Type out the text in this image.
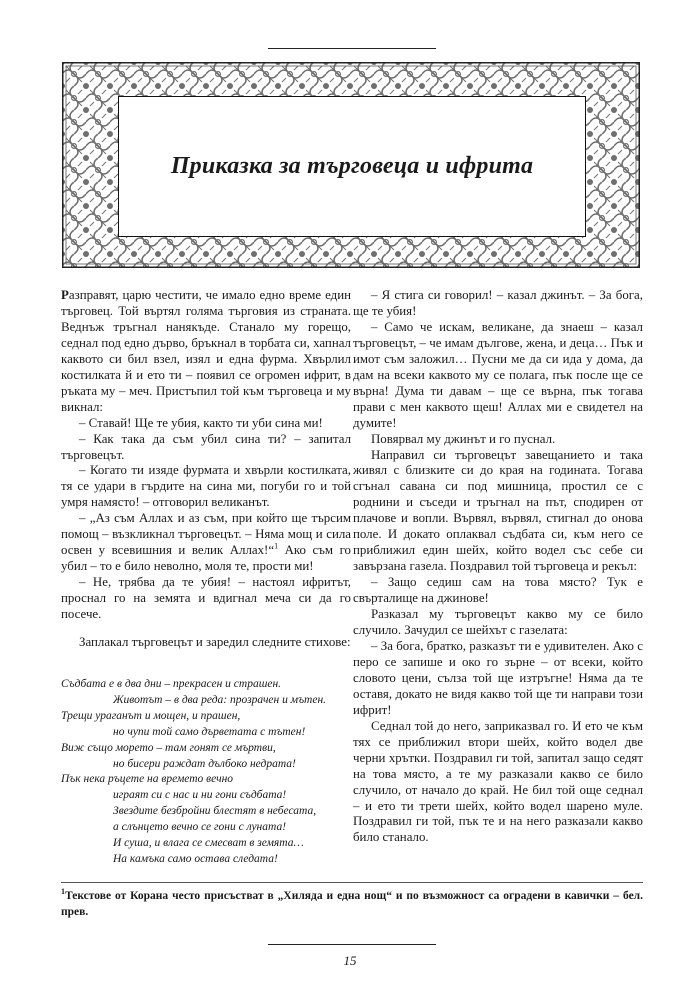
Приказка за търговеца и ифрита

Разправят, царю честити, че имало едно време един търговец. Той въртял голяма търговия из страната. Веднъж тръгнал нанякъде. Станало му горещо, седнал под едно дърво, бръкнал в торбата си, хапнал каквото си бил взел, изял и една фурма. Хвърлил костилката й и ето ти – появил се огромен ифрит, в ръката му – меч. Пристъпил той към търговеца и му викнал:

– Ставай! Ще те убия, както ти уби сина ми!

– Как така да съм убил сина ти? – запитал търговецът.

– Когато ти изяде фурмата и хвърли костилката, тя се удари в гърдите на сина ми, погуби го и той умря намясто! – отговорил великанът.

– „Аз съм Аллах и аз съм, при който ще търсим помощ – възкликнал търговецът. – Няма мощ и сила освен у всевишния и велик Аллах!“$^1$ Ако съм го убил – то е било неволно, моля те, прости ми!

– Не, трябва да те убия! – настоял ифритът, проснал го на земята и вдигнал меча си да го посече.

Заплакал търговецът и заредил следните стихове:

Съдбата е в два дни – прекрасен и страшен.
Животът – в два реда: прозрачен и мътен.
Трещи ураганът и мощен, и прашен,
но чупи той само дърветата с тътен!
Виж също морето – там гонят се мъртви,
но бисери раждат дълбоко недрата!
Пък нека ръцете на времето вечно
играят си с нас и ни гони съдбата!
Звездите безбройни блестят в небесата,
а слънцето вечно се гони с луната!
И суша, и влага се смесват в земята…
На камъка само оставa следата!

– Я стига си говорил! – казал джинът. – За бога, ще те убия!

– Само че искам, великане, да знаеш – казал търговецът, – че имам дългове, жена, и деца… Пък и имот съм заложил… Пусни ме да си ида у дома, да дам на всеки каквото му се полага, пък после ще се върна! Дума ти давам – ще се върна, пък тогава прави с мен каквото щеш! Аллах ми е свидетел на думите!

Повярвал му джинът и го пуснал.

Направил си търговецът завещанието и така живял с близките си до края на годината. Тогава сгънал савана си под мишница, простил се с роднини и съседи и тръгнал на път, сподирен от плачове и вопли. Вървял, вървял, стигнал до онова поле. И докато оплаквал съдбата си, към него се приближил един шейх, който водел със себе си завързана газела. Поздравил той търговеца и рекъл:

– Защо седиш сам на това място? Тук е свърталище на джинове!

Разказал му търговецът какво му се било случило. Зачудил се шейхът с газелата:

– За бога, братко, разказът ти е удивителен. Ако с перо се запише и око го зърне – от всеки, който словото цени, сълза той ще изтръгне! Няма да те оставя, докато не видя какво той ще ти направи този ифрит!

Седнал той до него, заприказвал го. И ето че към тях се приближил втори шейх, който водел две черни хрътки. Поздравил ги той, запитал защо седят на това място, а те му разказали какво се било случило, от начало до край. Не бил той още седнал – и ето ти трети шейх, който водел шарено муле. Поздравил ги той, пък те и на него разказали какво било станало.

$^1$Текстове от Корана често присъстват в „Хиляда и една нощ“ и по възможност са оградени в кавички – бел. прев.
15
